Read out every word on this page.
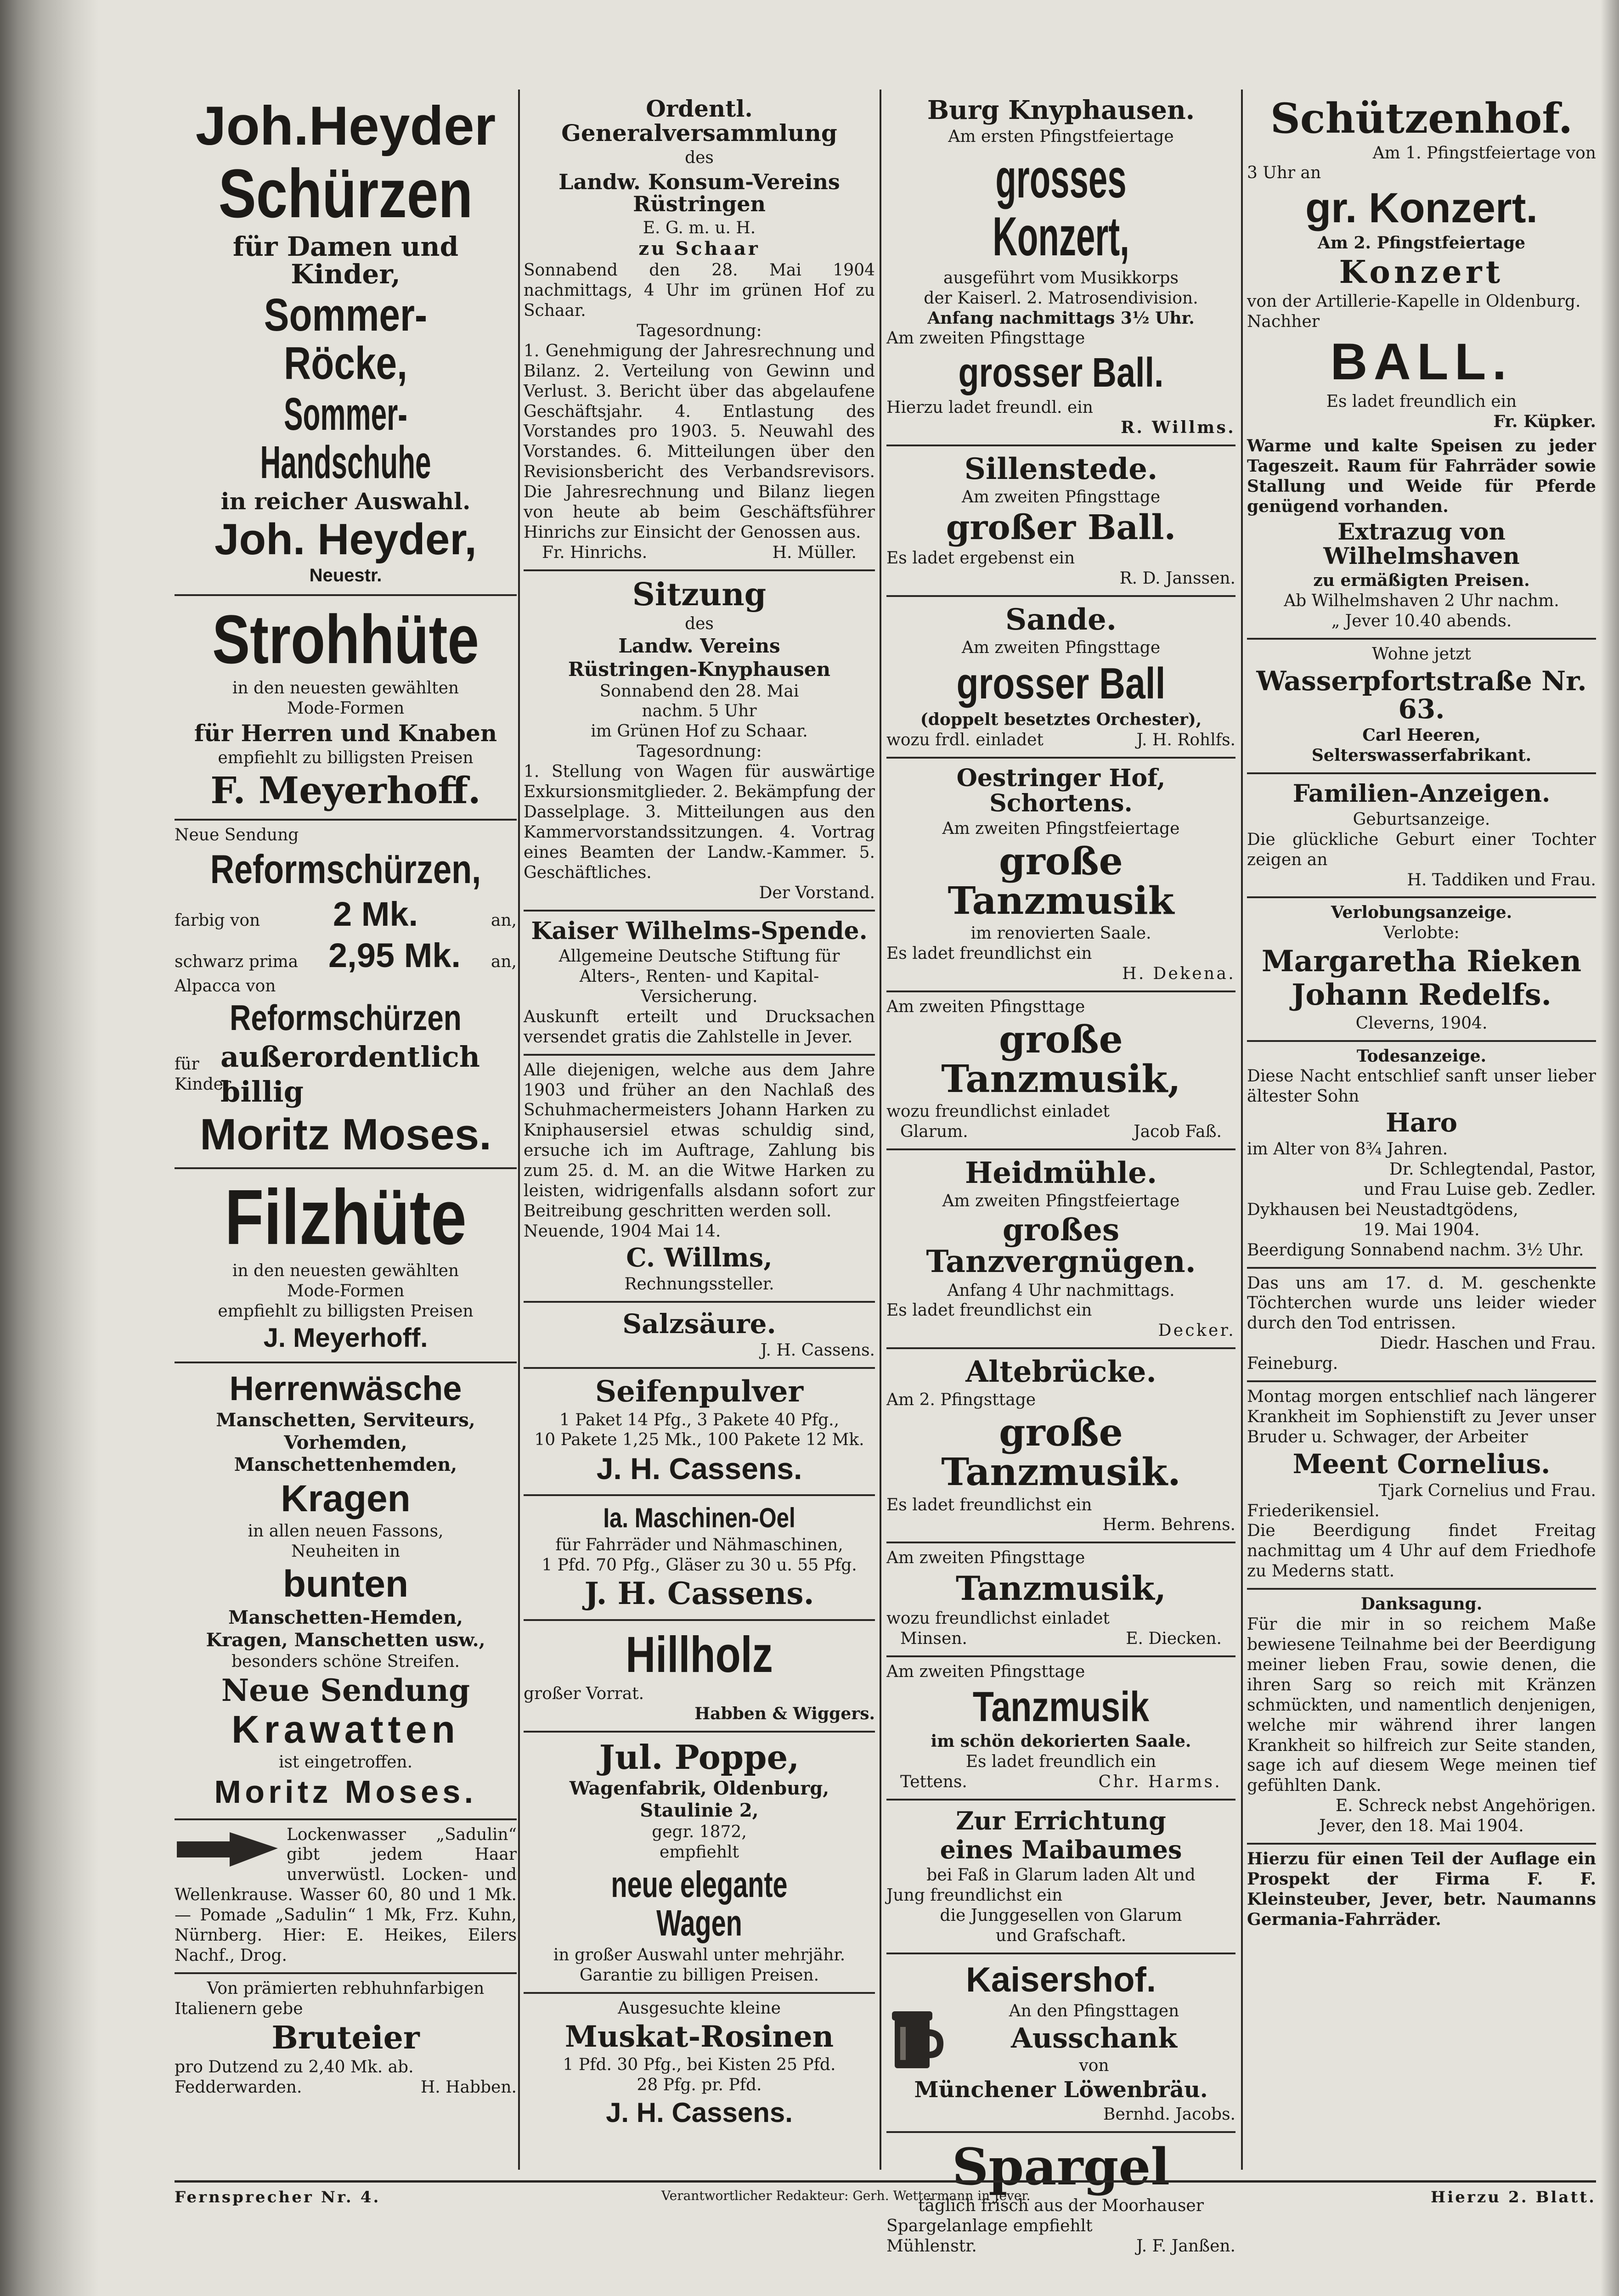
Joh.Heyder
Schürzen
für Damen und Kinder,
Sommer-Röcke,
Sommer-Handschuhe
in reicher Auswahl.
Joh. Heyder,
Neuestr.
Strohhüte
in den neuesten gewählten
Mode-Formen
für Herren und Knaben
empfiehlt zu billigsten Preisen
F. Meyerhoff.
Neue Sendung
Reformschürzen,
farbig von 2 Mk.	an,
schwarz prima 2,95 Mk. an,
Alpacca von
Reformschürzen
für Kinder
außerordentlich billig
Moritz Moses.
Filzhüte
in den neuesten gewählten
Mode-Formen
empfiehlt zu billigsten Preisen
J. Meyerhoff.
Herrenwäsche
Manschetten, Serviteurs,
Vorhemden, Manschettenhemden,
Kragen
in allen neuen Fassons,
Neuheiten in
bunten
Manschetten-Hemden,
Kragen, Manschetten usw.,
besonders schöne Streifen.
Neue Sendung
Krawatten
ist eingetroffen.
Moritz Moses.
Lockenwasser „Sadulin“ gibt jedem Haar unverwüstl. Locken- und Wellenkrause. Wasser 60, 80 und 1 Mk. — Pomade „Sadulin“ 1 Mk, Frz. Kuhn, Nürnberg. Hier: E. Heikes, Eilers Nachf., Drog.
Von prämierten rebhuhnfarbigen
Italienern gebe
Bruteier
pro Dutzend zu 2,40 Mk. ab.
Fedderwarden.	H. Habben.
Ordentl. Generalversammlung
des
Landw. Konsum-Vereins Rüstringen
E. G. m. u. H.
zu Schaar
Sonnabend den 28. Mai 1904 nachmittags, 4 Uhr im grünen Hof zu Schaar.
Tagesordnung:
1. Genehmigung der Jahresrechnung und Bilanz. 2. Verteilung von Gewinn und Verlust. 3. Bericht über das abgelaufene Geschäftsjahr. 4. Entlastung des Vorstandes pro 1903. 5. Neuwahl des Vorstandes. 6. Mitteilungen über den Revisionsbericht des Verbandsrevisors. Die Jahresrechnung und Bilanz liegen von heute ab beim Geschäftsführer Hinrichs zur Einsicht der Genossen aus.
Fr. Hinrichs.	H. Müller.
Sitzung
des
Landw. Vereins
Rüstringen-Knyphausen
Sonnabend den 28. Mai
nachm. 5 Uhr
im Grünen Hof zu Schaar.
Tagesordnung:
1. Stellung von Wagen für auswärtige Exkursionsmitglieder. 2. Bekämpfung der Dasselplage. 3. Mitteilungen aus den Kammervorstandssitzungen. 4. Vortrag eines Beamten der Landw.-Kammer. 5. Geschäftliches.
Der Vorstand.
Kaiser Wilhelms-Spende.
Allgemeine Deutsche Stiftung für
Alters-, Renten- und Kapital-
Versicherung.
Auskunft erteilt und Drucksachen versendet gratis die Zahlstelle in Jever.
Alle diejenigen, welche aus dem Jahre 1903 und früher an den Nachlaß des Schuhmachermeisters Johann Harken zu Kniphausersiel etwas schuldig sind, ersuche ich im Auftrage, Zahlung bis zum 25. d. M. an die Witwe Harken zu leisten, widrigenfalls alsdann sofort zur Beitreibung geschritten werden soll.
Neuende, 1904 Mai 14.
C. Willms,
Rechnungssteller.
Salzsäure.
J. H. Cassens.
Seifenpulver
1 Paket 14 Pfg., 3 Pakete 40 Pfg.,
10 Pakete 1,25 Mk., 100 Pakete 12 Mk.
J. H. Cassens.
Ia. Maschinen-Oel
für Fahrräder und Nähmaschinen,
1 Pfd. 70 Pfg., Gläser zu 30 u. 55 Pfg.
J. H. Cassens.
Hillholz
großer Vorrat.
Habben & Wiggers.
Jul. Poppe,
Wagenfabrik, Oldenburg,
Staulinie 2,
gegr. 1872,
empfiehlt
neue elegante Wagen
in großer Auswahl unter mehrjähr.
Garantie zu billigen Preisen.
Ausgesuchte kleine
Muskat-Rosinen
1 Pfd. 30 Pfg., bei Kisten 25 Pfd.
28 Pfg. pr. Pfd.
J. H. Cassens.
Burg Knyphausen.
Am ersten Pfingstfeiertage
grosses Konzert,
ausgeführt vom Musikkorps
der Kaiserl. 2. Matrosendivision.
Anfang nachmittags 3½ Uhr.
Am zweiten Pfingsttage
grosser Ball.
Hierzu ladet freundl. ein
R. Willms.
Sillenstede.
Am zweiten Pfingsttage
großer Ball.
Es ladet ergebenst ein
R. D. Janssen.
Sande.
Am zweiten Pfingsttage
grosser Ball
(doppelt besetztes Orchester),
wozu frdl. einladet	J. H. Rohlfs.
Oestringer Hof, Schortens.
Am zweiten Pfingstfeiertage
große Tanzmusik
im renovierten Saale.
Es ladet freundlichst ein
H. Dekena.
Am zweiten Pfingsttage
große Tanzmusik,
wozu freundlichst einladet
Glarum.	Jacob Faß.
Heidmühle.
Am zweiten Pfingstfeiertage
großes Tanzvergnügen.
Anfang 4 Uhr nachmittags.
Es ladet freundlichst ein
Decker.
Altebrücke.
Am 2. Pfingsttage
große Tanzmusik.
Es ladet freundlichst ein
Herm. Behrens.
Am zweiten Pfingsttage
Tanzmusik,
wozu freundlichst einladet
Minsen.	E. Diecken.
Am zweiten Pfingsttage
Tanzmusik
im schön dekorierten Saale.
Es ladet freundlich ein
Tettens.	Chr. Harms.
Zur Errichtung
eines Maibaumes
bei Faß in Glarum laden Alt und
Jung freundlichst ein
die Junggesellen von Glarum
und Grafschaft.
Kaisershof.
An den Pfingsttagen
Ausschank
von
Münchener Löwenbräu.
Bernhd. Jacobs.
Spargel
täglich frisch aus der Moorhauser
Spargelanlage empfiehlt
Mühlenstr.	J. F. Janßen.
Schützenhof.
Am 1. Pfingstfeiertage von
3 Uhr an
gr. Konzert.
Am 2. Pfingstfeiertage
Konzert
von der Artillerie-Kapelle in Oldenburg.
Nachher
BALL.
Es ladet freundlich ein
Fr. Küpker.
Warme und kalte Speisen zu jeder Tageszeit. Raum für Fahrräder sowie Stallung und Weide für Pferde genügend vorhanden.
Extrazug von Wilhelmshaven
zu ermäßigten Preisen.
Ab Wilhelmshaven 2 Uhr nachm.
„ Jever 10.40 abends.
Wohne jetzt
Wasserpfortstraße Nr. 63.
Carl Heeren,
Selterswasserfabrikant.
Familien-Anzeigen.
Geburtsanzeige.
Die glückliche Geburt einer Tochter zeigen an
H. Taddiken und Frau.
Verlobungsanzeige.
Verlobte:
Margaretha Rieken
Johann Redelfs.
Cleverns, 1904.
Todesanzeige.
Diese Nacht entschlief sanft unser lieber ältester Sohn
Haro
im Alter von 8¾ Jahren.
Dr. Schlegtendal, Pastor,
und Frau Luise geb. Zedler.
Dykhausen bei Neustadtgödens,
19. Mai 1904.
Beerdigung Sonnabend nachm. 3½ Uhr.
Das uns am 17. d. M. geschenkte Töchterchen wurde uns leider wieder durch den Tod entrissen.
Diedr. Haschen und Frau.
Feineburg.
Montag morgen entschlief nach längerer Krankheit im Sophienstift zu Jever unser Bruder u. Schwager, der Arbeiter
Meent Cornelius.
Tjark Cornelius und Frau.
Friederikensiel.
Die Beerdigung findet Freitag nachmittag um 4 Uhr auf dem Friedhofe zu Mederns statt.
Danksagung.
Für die mir in so reichem Maße bewiesene Teilnahme bei der Beerdigung meiner lieben Frau, sowie denen, die ihren Sarg so reich mit Kränzen schmückten, und namentlich denjenigen, welche mir während ihrer langen Krankheit so hilfreich zur Seite standen, sage ich auf diesem Wege meinen tief gefühlten Dank.
E. Schreck nebst Angehörigen.
Jever, den 18. Mai 1904.
Hierzu für einen Teil der Auflage ein Prospekt der Firma F. F. Kleinsteuber, Jever, betr. Naumanns Germania-Fahrräder.
Fernsprecher Nr. 4.	Verantwortlicher Redakteur: Gerh. Wettermann in Jever.	Hierzu 2. Blatt.
